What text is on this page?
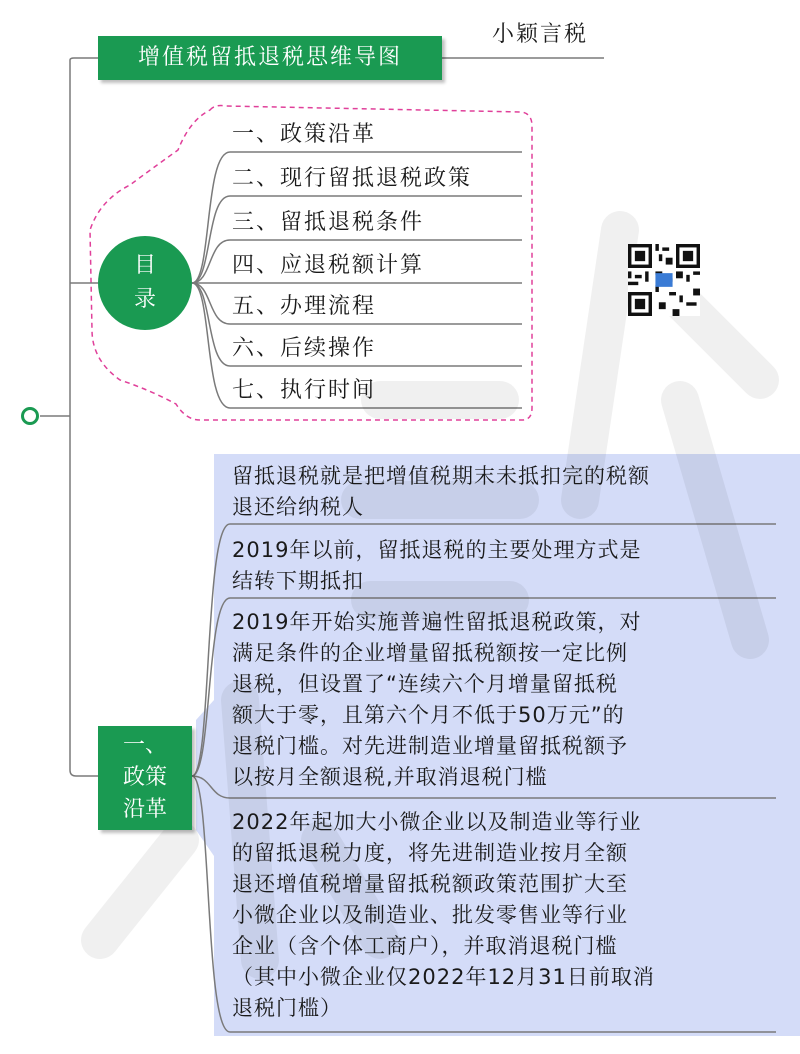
增值税留抵退税思维导图
小颖言税
目
录
一、政策沿革
二、现行留抵退税政策
三、留抵退税条件
四、应退税额计算
五、办理流程
六、后续操作
七、执行时间
一、
政策
沿革
留抵退税就是把增值税期末未抵扣完的税额
退还给纳税人
2019年以前，留抵退税的主要处理方式是
结转下期抵扣
2019年开始实施普遍性留抵退税政策，对
满足条件的企业增量留抵税额按一定比例
退税，但设置了“连续六个月增量留抵税
额大于零，且第六个月不低于50万元”的
退税门槛。对先进制造业增量留抵税额予
以按月全额退税,并取消退税门槛
2022年起加大小微企业以及制造业等行业
的留抵退税力度，将先进制造业按月全额
退还增值税增量留抵税额政策范围扩大至
小微企业以及制造业、批发零售业等行业
企业（含个体工商户），并取消退税门槛
（其中小微企业仅2022年12月31日前取消
退税门槛）
